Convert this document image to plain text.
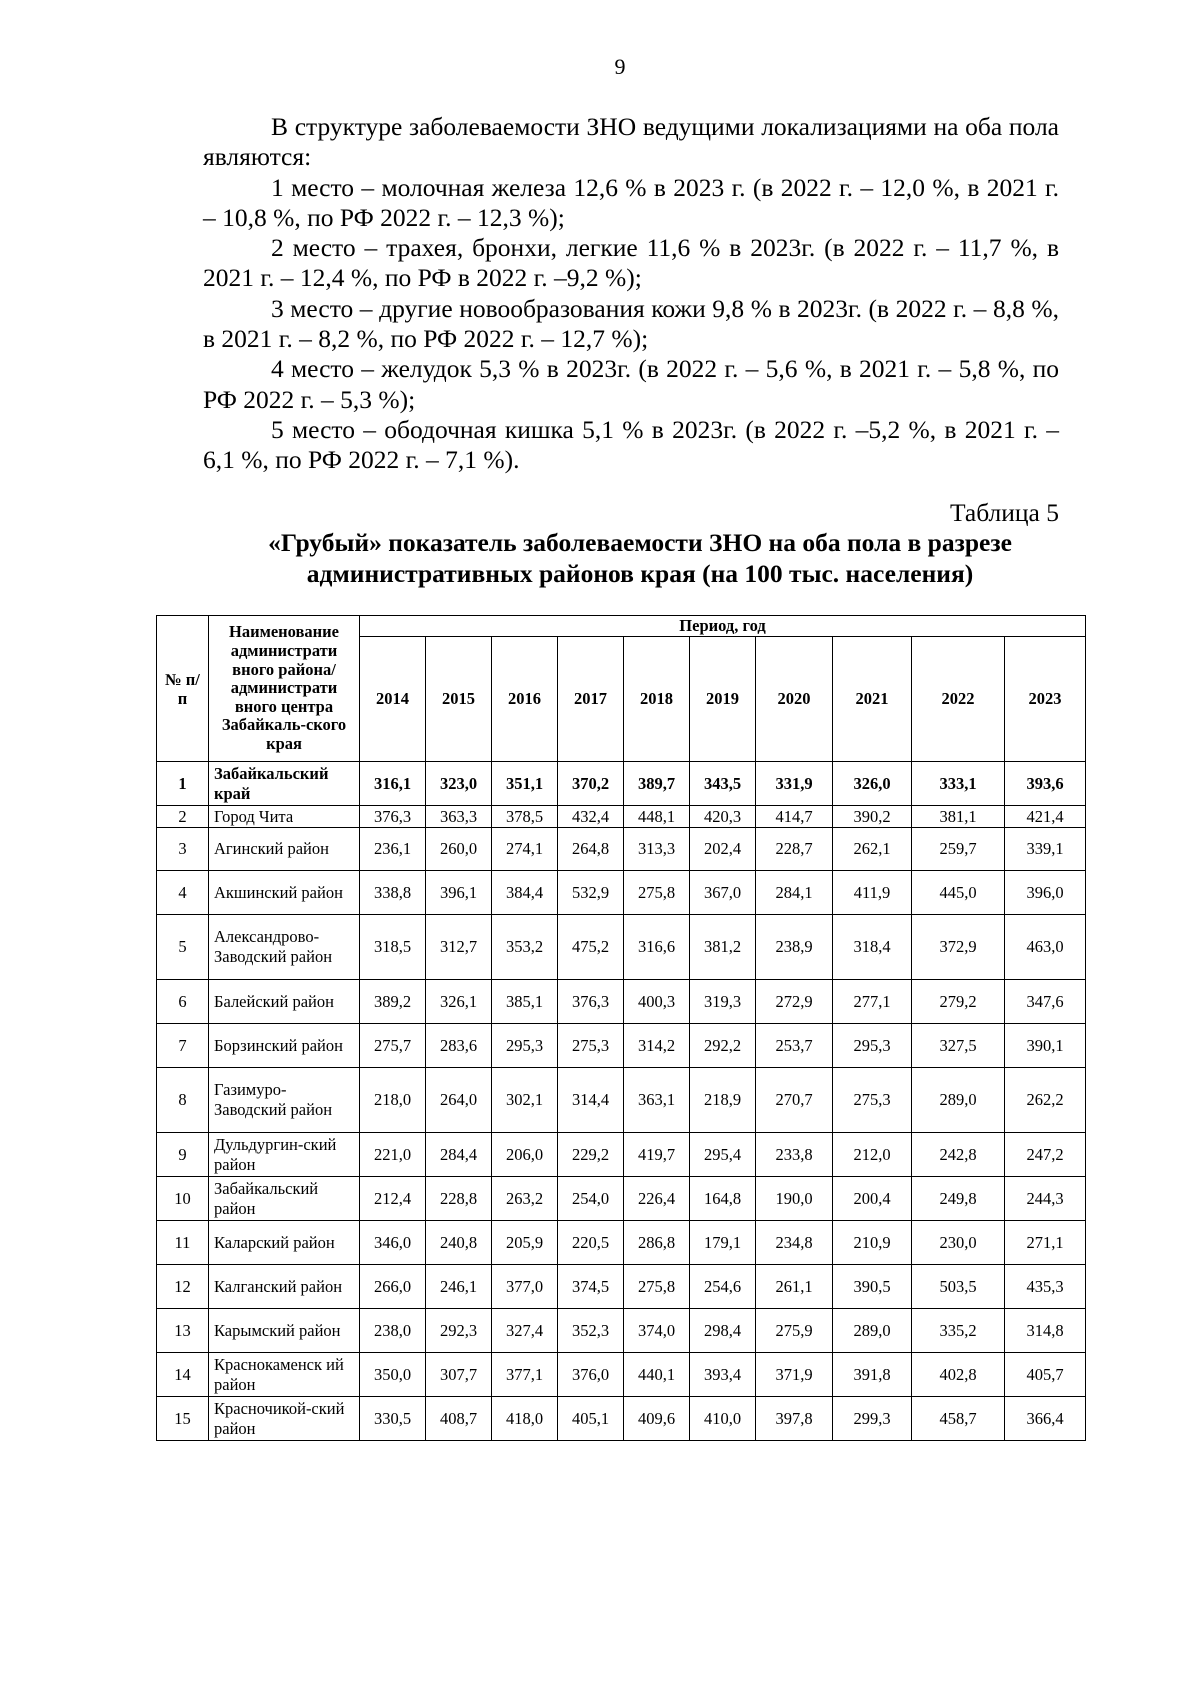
9

В структуре заболеваемости ЗНО ведущими локализациями на оба пола являются:

1 место – молочная железа 12,6 % в 2023 г. (в 2022 г. – 12,0 %, в 2021 г. – 10,8 %, по РФ 2022 г. – 12,3 %);

2 место – трахея, бронхи, легкие 11,6 % в 2023г. (в 2022 г. – 11,7 %, в 2021 г. – 12,4 %, по РФ в 2022 г. –9,2 %);

3 место – другие новообразования кожи 9,8 % в 2023г. (в 2022 г. – 8,8 %, в 2021 г. – 8,2 %, по РФ 2022 г. – 12,7 %);

4 место – желудок 5,3 % в 2023г. (в 2022 г. – 5,6 %, в 2021 г. – 5,8 %, по РФ 2022 г. – 5,3 %);

5 место – ободочная кишка 5,1 % в 2023г. (в 2022 г. –5,2 %, в 2021 г. – 6,1 %, по РФ 2022 г. – 7,1 %).

Таблица 5
«Грубый» показатель заболеваемости ЗНО на оба пола в разрезе
административных районов края (на 100 тыс. населения)
№ п/п	Наименование администрати вного района/ администрати вного центра Забайкаль-ского края	Период, год									
		2014	2015	2016	2017	2018	2019	2020	2021	2022	2023
1	Забайкальский край	316,1	323,0	351,1	370,2	389,7	343,5	331,9	326,0	333,1	393,6
2	Город Чита	376,3	363,3	378,5	432,4	448,1	420,3	414,7	390,2	381,1	421,4
3	Агинский район	236,1	260,0	274,1	264,8	313,3	202,4	228,7	262,1	259,7	339,1
4	Акшинский район	338,8	396,1	384,4	532,9	275,8	367,0	284,1	411,9	445,0	396,0
5	Александрово-Заводский район	318,5	312,7	353,2	475,2	316,6	381,2	238,9	318,4	372,9	463,0
6	Балейский район	389,2	326,1	385,1	376,3	400,3	319,3	272,9	277,1	279,2	347,6
7	Борзинский район	275,7	283,6	295,3	275,3	314,2	292,2	253,7	295,3	327,5	390,1
8	Газимуро-Заводский район	218,0	264,0	302,1	314,4	363,1	218,9	270,7	275,3	289,0	262,2
9	Дульдургин-ский район	221,0	284,4	206,0	229,2	419,7	295,4	233,8	212,0	242,8	247,2
10	Забайкальский район	212,4	228,8	263,2	254,0	226,4	164,8	190,0	200,4	249,8	244,3
11	Каларский район	346,0	240,8	205,9	220,5	286,8	179,1	234,8	210,9	230,0	271,1
12	Калганский район	266,0	246,1	377,0	374,5	275,8	254,6	261,1	390,5	503,5	435,3
13	Карымский район	238,0	292,3	327,4	352,3	374,0	298,4	275,9	289,0	335,2	314,8
14	Краснокаменск ий район	350,0	307,7	377,1	376,0	440,1	393,4	371,9	391,8	402,8	405,7
15	Красночикой-ский район	330,5	408,7	418,0	405,1	409,6	410,0	397,8	299,3	458,7	366,4
